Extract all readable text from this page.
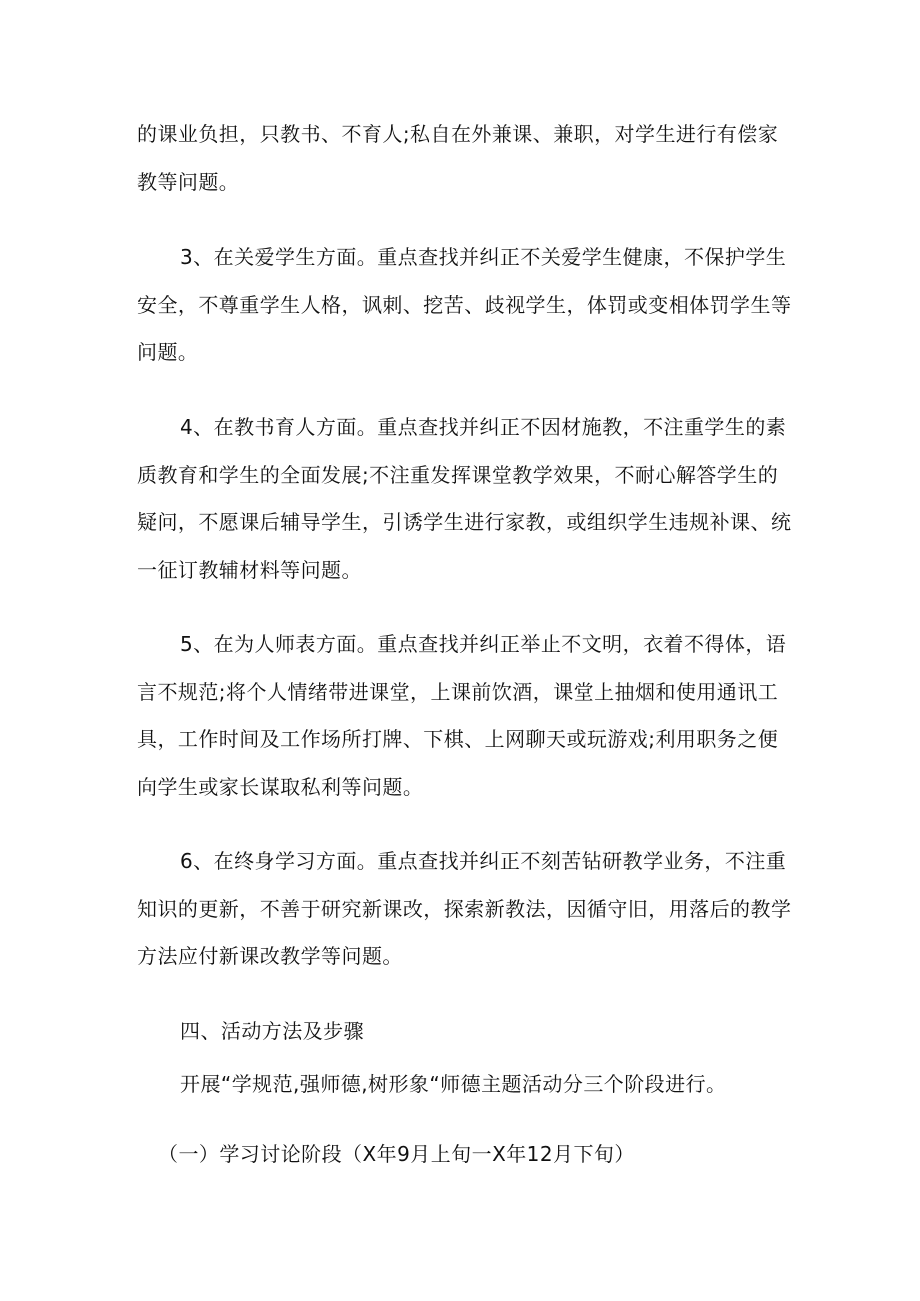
的课业负担，只教书、不育人;私自在外兼课、兼职，对学生进行有偿家
教等问题。
3、在关爱学生方面。重点查找并纠正不关爱学生健康，不保护学生
安全，不尊重学生人格，讽刺、挖苦、歧视学生，体罚或变相体罚学生等
问题。
4、在教书育人方面。重点查找并纠正不因材施教，不注重学生的素
质教育和学生的全面发展;不注重发挥课堂教学效果，不耐心解答学生的
疑问，不愿课后辅导学生，引诱学生进行家教，或组织学生违规补课、统
一征订教辅材料等问题。
5、在为人师表方面。重点查找并纠正举止不文明，衣着不得体，语
言不规范;将个人情绪带进课堂，上课前饮酒，课堂上抽烟和使用通讯工
具，工作时间及工作场所打牌、下棋、上网聊天或玩游戏;利用职务之便
向学生或家长谋取私利等问题。
6、在终身学习方面。重点查找并纠正不刻苦钻研教学业务，不注重
知识的更新，不善于研究新课改，探索新教法，因循守旧，用落后的教学
方法应付新课改教学等问题。
四、活动方法及步骤
开展“学规范,强师德,树形象“师德主题活动分三个阶段进行。
（一）学习讨论阶段（X年9月上旬一X年12月下旬）
